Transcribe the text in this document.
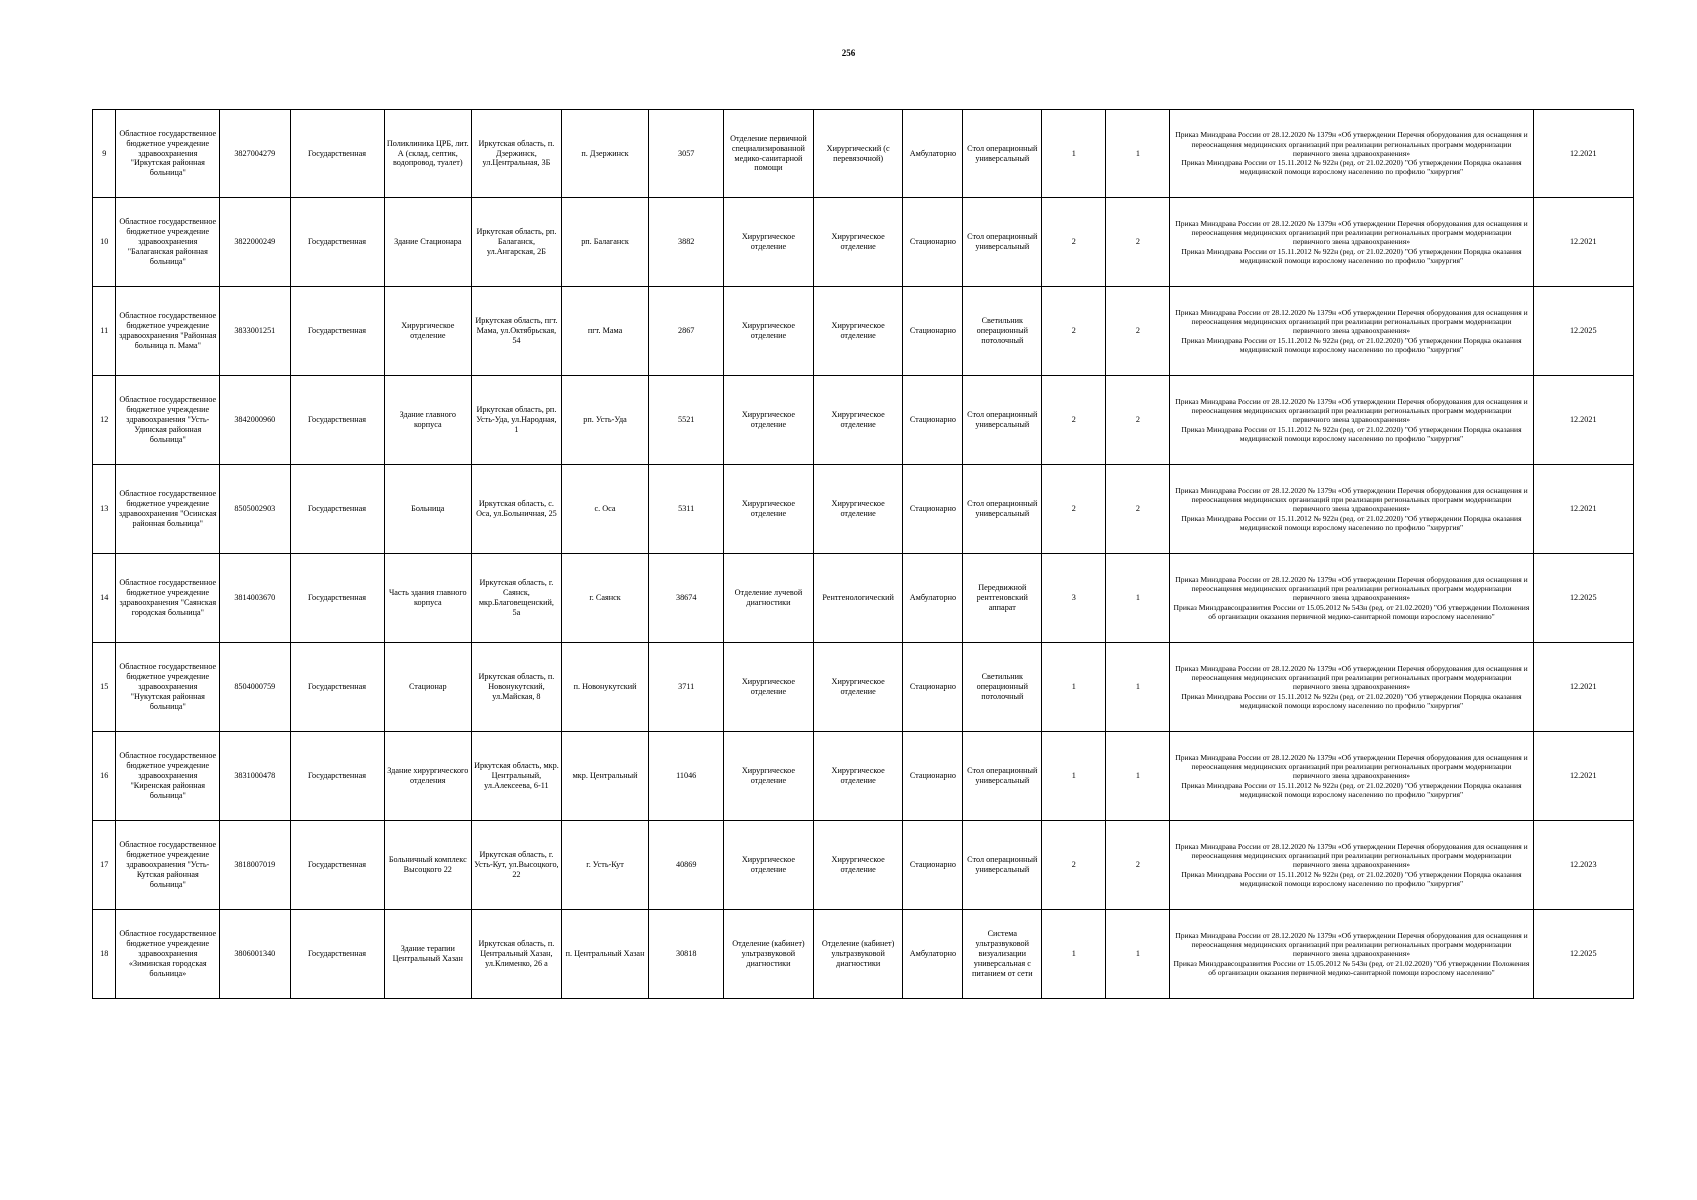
256
9	Областное государственное бюджетное учреждение здравоохранения "Иркутская районная больница"	3827004279	Государственная	Поликлиника ЦРБ, лит. А (склад, септик, водопровод, туалет)	Иркутская область, п. Дзержинск, ул.Центральная, 3Б	п. Дзержинск	3057	Отделение первичной специализированной медико-санитарной помощи	Хирургический (с перевязочной)	Амбулаторно	Стол операционный универсальный	1	1	Приказ Минздрава России от 28.12.2020 № 1379н «Об утверждении Перечня оборудования для оснащения и переоснащения медицинских организаций при реализации региональных программ модернизации первичного звена здравоохранения»
Приказ Минздрава России от 15.11.2012 № 922н (ред. от 21.02.2020) "Об утверждении Порядка оказания медицинской помощи взрослому населению по профилю "хирургия"	12.2021
10	Областное государственное бюджетное учреждение здравоохранения "Балаганская районная больница"	3822000249	Государственная	Здание Стационара	Иркутская область, рп. Балаганск, ул.Ангарская, 2Б	рп. Балаганск	3882	Хирургическое отделение	Хирургическое отделение	Стационарно	Стол операционный универсальный	2	2	Приказ Минздрава России от 28.12.2020 № 1379н «Об утверждении Перечня оборудования для оснащения и переоснащения медицинских организаций при реализации региональных программ модернизации первичного звена здравоохранения»
Приказ Минздрава России от 15.11.2012 № 922н (ред. от 21.02.2020) "Об утверждении Порядка оказания медицинской помощи взрослому населению по профилю "хирургия"	12.2021
11	Областное государственное бюджетное учреждение здравоохранения "Районная больница п. Мама"	3833001251	Государственная	Хирургическое отделение	Иркутская область, пгт. Мама, ул.Октябрьская, 54	пгт. Мама	2867	Хирургическое отделение	Хирургическое отделение	Стационарно	Светильник операционный потолочный	2	2	Приказ Минздрава России от 28.12.2020 № 1379н «Об утверждении Перечня оборудования для оснащения и переоснащения медицинских организаций при реализации региональных программ модернизации первичного звена здравоохранения»
Приказ Минздрава России от 15.11.2012 № 922н (ред. от 21.02.2020) "Об утверждении Порядка оказания медицинской помощи взрослому населению по профилю "хирургия"	12.2025
12	Областное государственное бюджетное учреждение здравоохранения "Усть-Удинская районная больница"	3842000960	Государственная	Здание главного корпуса	Иркутская область, рп. Усть-Уда, ул.Народная, 1	рп. Усть-Уда	5521	Хирургическое отделение	Хирургическое отделение	Стационарно	Стол операционный универсальный	2	2	Приказ Минздрава России от 28.12.2020 № 1379н «Об утверждении Перечня оборудования для оснащения и переоснащения медицинских организаций при реализации региональных программ модернизации первичного звена здравоохранения»
Приказ Минздрава России от 15.11.2012 № 922н (ред. от 21.02.2020) "Об утверждении Порядка оказания медицинской помощи взрослому населению по профилю "хирургия"	12.2021
13	Областное государственное бюджетное учреждение здравоохранения "Осинская районная больница"	8505002903	Государственная	Больница	Иркутская область, с. Оса, ул.Больничная, 25	с. Оса	5311	Хирургическое отделение	Хирургическое отделение	Стационарно	Стол операционный универсальный	2	2	Приказ Минздрава России от 28.12.2020 № 1379н «Об утверждении Перечня оборудования для оснащения и переоснащения медицинских организаций при реализации региональных программ модернизации первичного звена здравоохранения»
Приказ Минздрава России от 15.11.2012 № 922н (ред. от 21.02.2020) "Об утверждении Порядка оказания медицинской помощи взрослому населению по профилю "хирургия"	12.2021
14	Областное государственное бюджетное учреждение здравоохранения "Саянская городская больница"	3814003670	Государственная	Часть здания главного корпуса	Иркутская область, г. Саянск, мкр.Благовещенский, 5а	г. Саянск	38674	Отделение лучевой диагностики	Рентгенологический	Амбулаторно	Передвижной рентгеновский аппарат	3	1	Приказ Минздрава России от 28.12.2020 № 1379н «Об утверждении Перечня оборудования для оснащения и переоснащения медицинских организаций при реализации региональных программ модернизации первичного звена здравоохранения»
Приказ Минздравсоцразвития России от 15.05.2012 № 543н (ред. от 21.02.2020) "Об утверждении Положения об организации оказания первичной медико-санитарной помощи взрослому населению"	12.2025
15	Областное государственное бюджетное учреждение здравоохранения "Нукутская районная больница"	8504000759	Государственная	Стационар	Иркутская область, п. Новонукутский, ул.Майская, 8	п. Новонукутский	3711	Хирургическое отделение	Хирургическое отделение	Стационарно	Светильник операционный потолочный	1	1	Приказ Минздрава России от 28.12.2020 № 1379н «Об утверждении Перечня оборудования для оснащения и переоснащения медицинских организаций при реализации региональных программ модернизации первичного звена здравоохранения»
Приказ Минздрава России от 15.11.2012 № 922н (ред. от 21.02.2020) "Об утверждении Порядка оказания медицинской помощи взрослому населению по профилю "хирургия"	12.2021
16	Областное государственное бюджетное учреждение здравоохранения "Киренская районная больница"	3831000478	Государственная	Здание хирургического отделения	Иркутская область, мкр. Центральный, ул.Алексеева, 6-11	мкр. Центральный	11046	Хирургическое отделение	Хирургическое отделение	Стационарно	Стол операционный универсальный	1	1	Приказ Минздрава России от 28.12.2020 № 1379н «Об утверждении Перечня оборудования для оснащения и переоснащения медицинских организаций при реализации региональных программ модернизации первичного звена здравоохранения»
Приказ Минздрава России от 15.11.2012 № 922н (ред. от 21.02.2020) "Об утверждении Порядка оказания медицинской помощи взрослому населению по профилю "хирургия"	12.2021
17	Областное государственное бюджетное учреждение здравоохранения "Усть-Кутская районная больница"	3818007019	Государственная	Больничный комплекс Высоцкого 22	Иркутская область, г. Усть-Кут, ул.Высоцкого, 22	г. Усть-Кут	40869	Хирургическое отделение	Хирургическое отделение	Стационарно	Стол операционный универсальный	2	2	Приказ Минздрава России от 28.12.2020 № 1379н «Об утверждении Перечня оборудования для оснащения и переоснащения медицинских организаций при реализации региональных программ модернизации первичного звена здравоохранения»
Приказ Минздрава России от 15.11.2012 № 922н (ред. от 21.02.2020) "Об утверждении Порядка оказания медицинской помощи взрослому населению по профилю "хирургия"	12.2023
18	Областное государственное бюджетное учреждение здравоохранения «Зиминская городская больница»	3806001340	Государственная	Здание терапии Центральный Хазан	Иркутская область, п. Центральный Хазан, ул.Клименко, 26 а	п. Центральный Хазан	30818	Отделение (кабинет) ультразвуковой диагностики	Отделение (кабинет) ультразвуковой диагностики	Амбулаторно	Система ультразвуковой визуализации универсальная с питанием от сети	1	1	Приказ Минздрава России от 28.12.2020 № 1379н «Об утверждении Перечня оборудования для оснащения и переоснащения медицинских организаций при реализации региональных программ модернизации первичного звена здравоохранения»
Приказ Минздравсоцразвития России от 15.05.2012 № 543н (ред. от 21.02.2020) "Об утверждении Положения об организации оказания первичной медико-санитарной помощи взрослому населению"	12.2025
